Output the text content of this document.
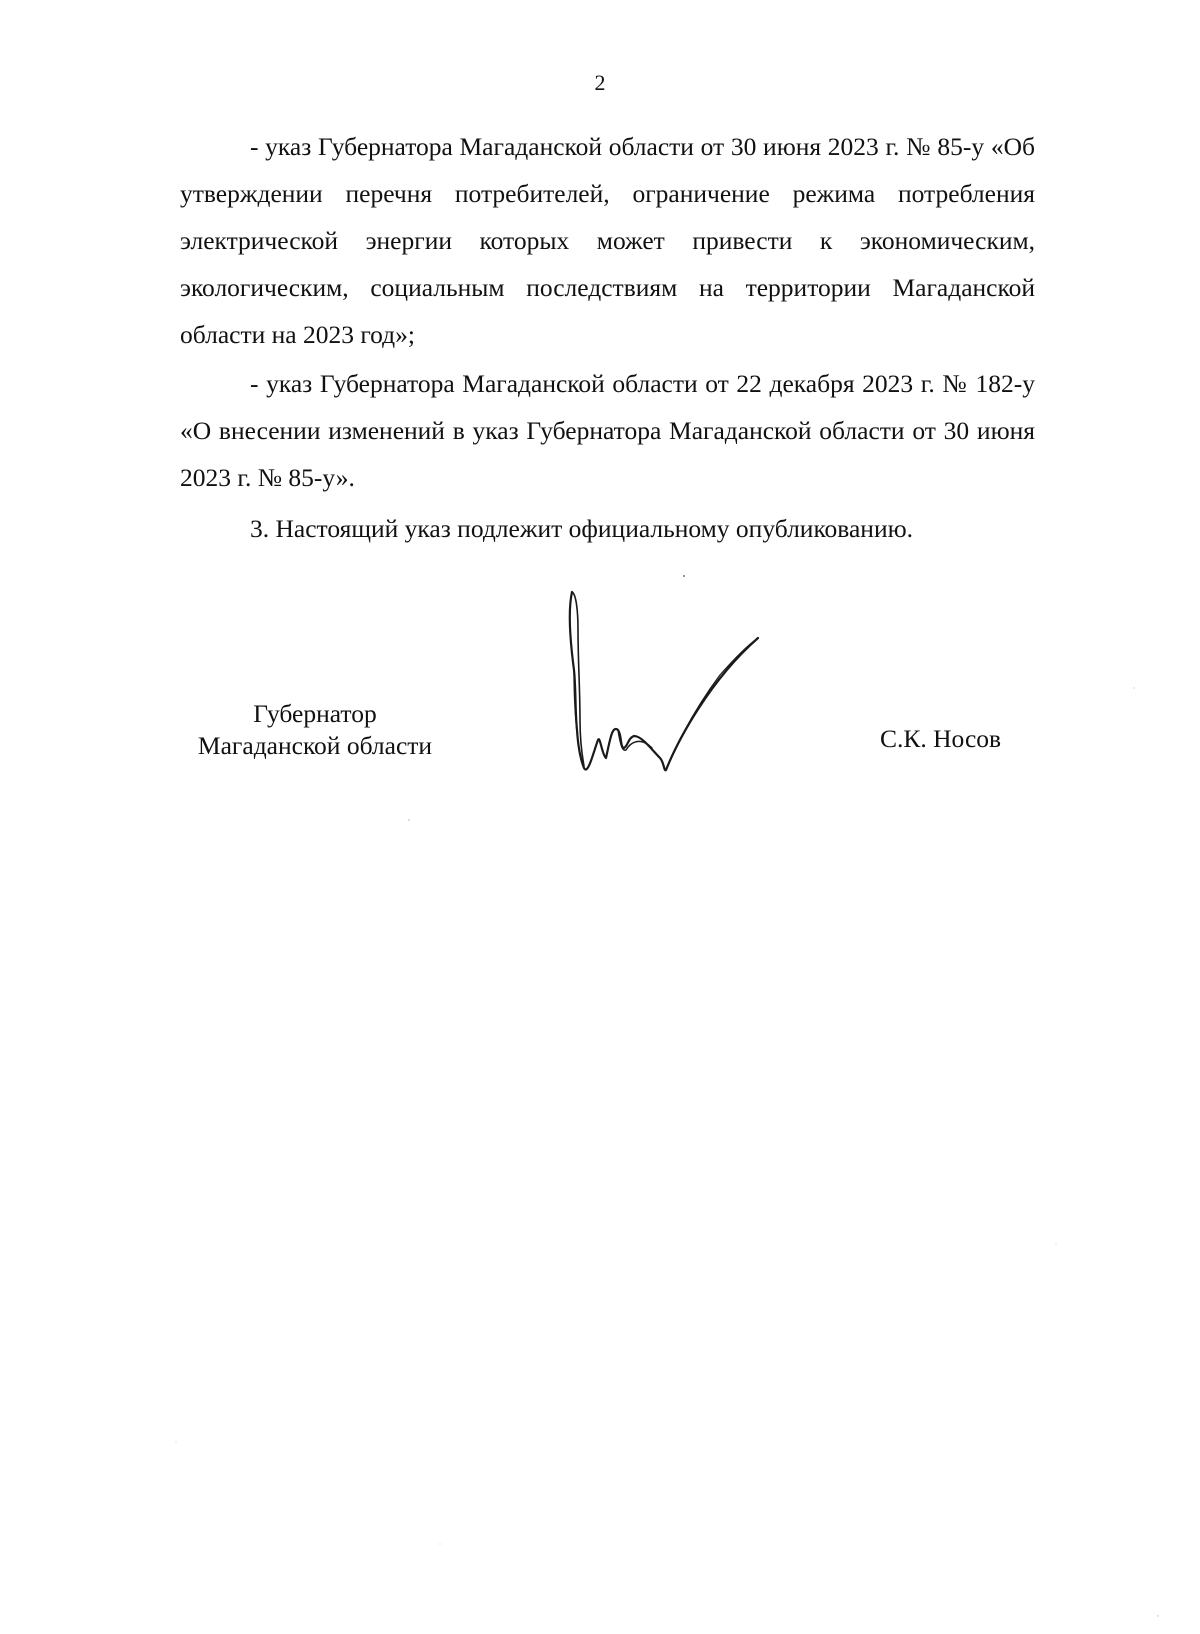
2

- указ Губернатора Магаданской области от 30 июня 2023 г. № 85-у «Об утверждении перечня потребителей, ограничение режима потребления электрической энергии которых может привести к экономическим, экологическим, социальным последствиям на территории Магаданской области на 2023 год»;

- указ Губернатора Магаданской области от 22 декабря 2023 г. № 182-у «О внесении изменений в указ Губернатора Магаданской области от 30 июня 2023 г. № 85-у».

3. Настоящий указ подлежит официальному опубликованию.

Губернатор
Магаданской области	С.К. Носов
